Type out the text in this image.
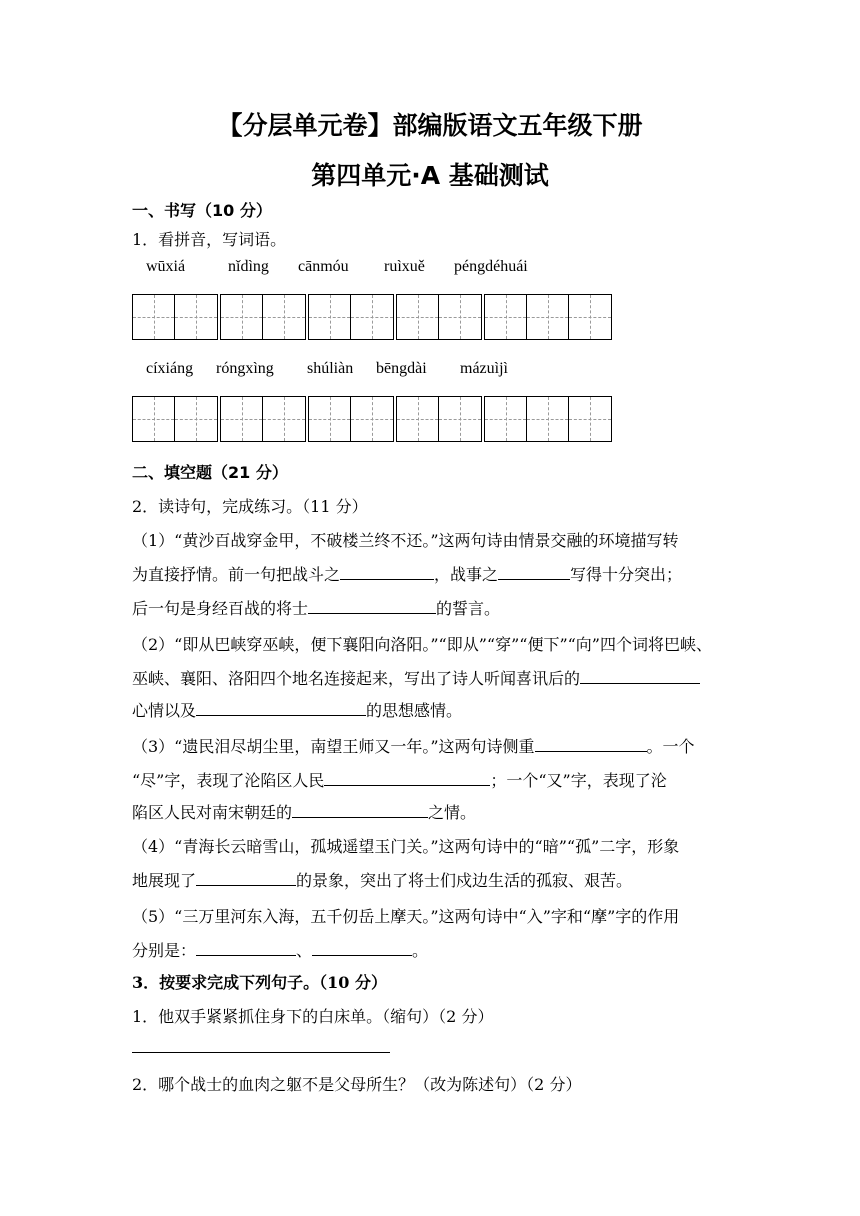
【分层单元卷】部编版语文五年级下册
第四单元·A 基础测试
一、书写（10 分）
1．看拼音，写词语。
wūxiá	nǐdìng cānmóu ruìxuě péngdéhuái
cíxiáng róngxìng shúliàn bēngdài mázuìjì
二、填空题（21 分）
2．读诗句，完成练习。（11 分）
（1）“黄沙百战穿金甲，不破楼兰终不还。”这两句诗由情景交融的环境描写转
为直接抒情。前一句把战斗之	，战事之	写得十分突出；
后一句是身经百战的将士	的誓言。
（2）“即从巴峡穿巫峡，便下襄阳向洛阳。”“即从”“穿”“便下”“向”四个词将巴峡、
巫峡、襄阳、洛阳四个地名连接起来，写出了诗人听闻喜讯后的
心情以及	的思想感情。
（3）“遗民泪尽胡尘里，南望王师又一年。”这两句诗侧重	。一个
“尽”字，表现了沦陷区人民	；一个“又”字，表现了沦
陷区人民对南宋朝廷的	之情。
（4）“青海长云暗雪山，孤城遥望玉门关。”这两句诗中的“暗”“孤”二字，形象
地展现了	的景象，突出了将士们戍边生活的孤寂、艰苦。
（5）“三万里河东入海，五千仞岳上摩天。”这两句诗中“入”字和“摩”字的作用
分别是：	、	。
3．按要求完成下列句子。（10 分）
1．他双手紧紧抓住身下的白床单。（缩句）（2 分）
2．哪个战士的血肉之躯不是父母所生？（改为陈述句）（2 分）
